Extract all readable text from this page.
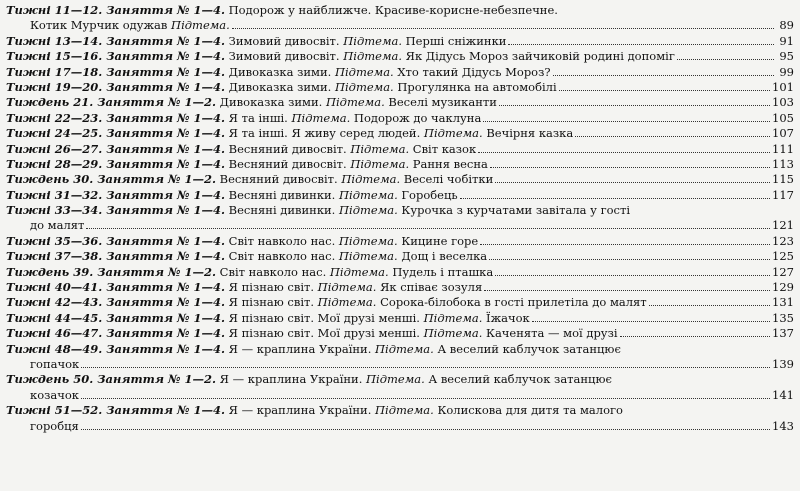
Тижні 11—12. Заняття № 1—4. Подорож у найближче. Красиве-корисне-небезпечне.
Котик Мурчик одужав Підтема.	89
Тижні 13—14. Заняття № 1—4. Зимовий дивосвіт. Підтема. Перші сніжинки	91
Тижні 15—16. Заняття № 1—4. Зимовий дивосвіт. Підтема. Як Дідусь Мороз зайчиковій родині допоміг	95
Тижні 17—18. Заняття № 1—4. Дивоказка зими. Підтема. Хто такий Дідусь Мороз?	99
Тижні 19—20. Заняття № 1—4. Дивоказка зими. Підтема. Прогулянка на автомобілі	101
Тиждень 21. Заняття № 1—2. Дивоказка зими. Підтема. Веселі музиканти	103
Тижні 22—23. Заняття № 1—4. Я та інші. Підтема. Подорож до чаклуна	105
Тижні 24—25. Заняття № 1—4. Я та інші. Я живу серед людей. Підтема. Вечірня казка	107
Тижні 26—27. Заняття № 1—4. Весняний дивосвіт. Підтема. Світ казок	111
Тижні 28—29. Заняття № 1—4. Весняний дивосвіт. Підтема. Рання весна	113
Тиждень 30. Заняття № 1—2. Весняний дивосвіт. Підтема. Веселі чобітки	115
Тижні 31—32. Заняття № 1—4. Весняні дивинки. Підтема. Горобець	117
Тижні 33—34. Заняття № 1—4. Весняні дивинки. Підтема. Курочка з курчатами завітала у гості
до малят	121
Тижні 35—36. Заняття № 1—4. Світ навколо нас. Підтема. Кицине горе	123
Тижні 37—38. Заняття № 1—4. Світ навколо нас. Підтема. Дощ і веселка	125
Тиждень 39. Заняття № 1—2. Світ навколо нас. Підтема. Пудель і пташка	127
Тижні 40—41. Заняття № 1—4. Я пізнаю світ. Підтема. Як співає зозуля	129
Тижні 42—43. Заняття № 1—4. Я пізнаю світ. Підтема. Сорока-білобока в гості прилетіла до малят	131
Тижні 44—45. Заняття № 1—4. Я пізнаю світ. Мої друзі менші. Підтема. Їжачок	135
Тижні 46—47. Заняття № 1—4. Я пізнаю світ. Мої друзі менші. Підтема. Каченята — мої друзі	137
Тижні 48—49. Заняття № 1—4. Я — краплина України. Підтема. А веселий каблучок затанцює
гопачок	139
Тиждень 50. Заняття № 1—2. Я — краплина України. Підтема. А веселий каблучок затанцює
козачок	141
Тижні 51—52. Заняття № 1—4. Я — краплина України. Підтема. Колискова для дитя та малого
горобця	143
